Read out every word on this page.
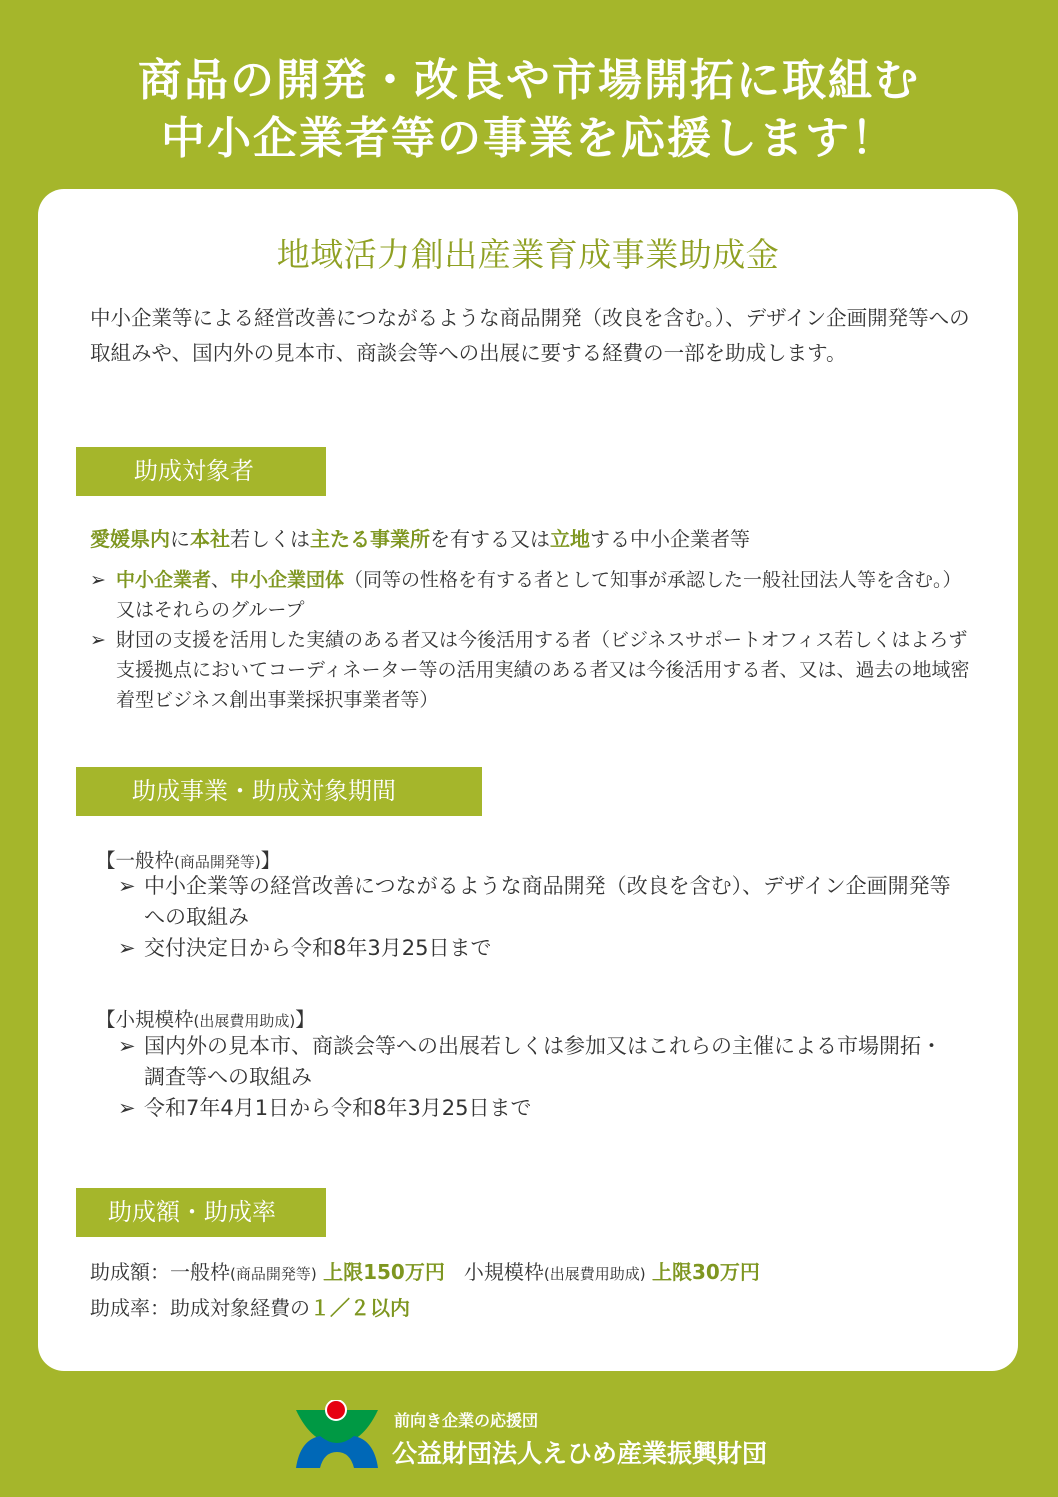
商品の開発・改良や市場開拓に取組む
中小企業者等の事業を応援します！
地域活力創出産業育成事業助成金
中小企業等による経営改善につながるような商品開発（改良を含む。）、デザイン企画開発等への取組みや、国内外の見本市、商談会等への出展に要する経費の一部を助成します。
助成対象者
愛媛県内に本社若しくは主たる事業所を有する又は立地する中小企業者等
➢ 中小企業者、中小企業団体（同等の性格を有する者として知事が承認した一般社団法人等を含む。）又はそれらのグループ
➢ 財団の支援を活用した実績のある者又は今後活用する者（ビジネスサポートオフィス若しくはよろず支援拠点においてコーディネーター等の活用実績のある者又は今後活用する者、又は、過去の地域密着型ビジネス創出事業採択事業者等）
助成事業・助成対象期間
【一般枠(商品開発等)】
➢ 中小企業等の経営改善につながるような商品開発（改良を含む）、デザイン企画開発等への取組み
➢ 交付決定日から令和8年3月25日まで
【小規模枠(出展費用助成)】
➢ 国内外の見本市、商談会等への出展若しくは参加又はこれらの主催による市場開拓・調査等への取組み
➢ 令和7年4月1日から令和8年3月25日まで
助成額・助成率
助成額：一般枠(商品開発等) 上限150万円 小規模枠(出展費用助成) 上限30万円
助成率：助成対象経費の１／２以内
前向き企業の応援団
公益財団法人えひめ産業振興財団
